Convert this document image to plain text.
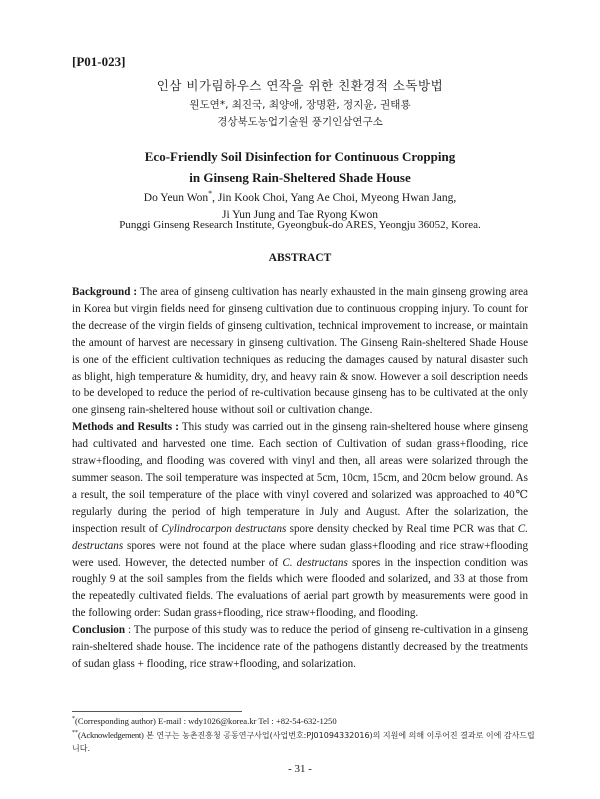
[P01-023]
인삼 비가림하우스 연작을 위한 친환경적 소독방법
원도연*, 최진국, 최양애, 장명환, 정지윤, 권태룡
경상북도농업기술원 풍기인삼연구소
Eco-Friendly Soil Disinfection for Continuous Cropping
in Ginseng Rain-Sheltered Shade House
Do Yeun Won*, Jin Kook Choi, Yang Ae Choi, Myeong Hwan Jang,
Ji Yun Jung and Tae Ryong Kwon
Punggi Ginseng Research Institute, Gyeongbuk-do ARES, Yeongju 36052, Korea.
ABSTRACT

Background : The area of ginseng cultivation has nearly exhausted in the main ginseng growing area in Korea but virgin fields need for ginseng cultivation due to continuous cropping injury. To count for the decrease of the virgin fields of ginseng cultivation, technical improvement to increase, or maintain the amount of harvest are necessary in ginseng cultivation. The Ginseng Rain-sheltered Shade House is one of the efficient cultivation techniques as reducing the damages caused by natural disaster such as blight, high temperature & humidity, dry, and heavy rain & snow. However a soil description needs to be developed to reduce the period of re-cultivation because ginseng has to be cultivated at the only one ginseng rain-sheltered house without soil or cultivation change.

Methods and Results : This study was carried out in the ginseng rain-sheltered house where ginseng had cultivated and harvested one time. Each section of Cultivation of sudan grass+flooding, rice straw+flooding, and flooding was covered with vinyl and then, all areas were solarized through the summer season. The soil temperature was inspected at 5cm, 10cm, 15cm, and 20cm below ground. As a result, the soil temperature of the place with vinyl covered and solarized was approached to 40℃ regularly during the period of high temperature in July and August. After the solarization, the inspection result of Cylindrocarpon destructans spore density checked by Real time PCR was that C. destructans spores were not found at the place where sudan glass+flooding and rice straw+flooding were used. However, the detected number of C. destructans spores in the inspection condition was roughly 9 at the soil samples from the fields which were flooded and solarized, and 33 at those from the repeatedly cultivated fields. The evaluations of aerial part growth by measurements were good in the following order: Sudan grass+flooding, rice straw+flooding, and flooding.

Conclusion : The purpose of this study was to reduce the period of ginseng re-cultivation in a ginseng rain-sheltered shade house. The incidence rate of the pathogens distantly decreased by the treatments of sudan glass + flooding, rice straw+flooding, and solarization.

*(Corresponding author) E-mail : wdy1026@korea.kr Tel : +82-54-632-1250
**(Acknowledgement) 본 연구는 농촌진흥청 공동연구사업(사업번호:PJ01094332016)의 지원에 의해 이루어진 결과로 이에 감사드립니다.
- 31 -
